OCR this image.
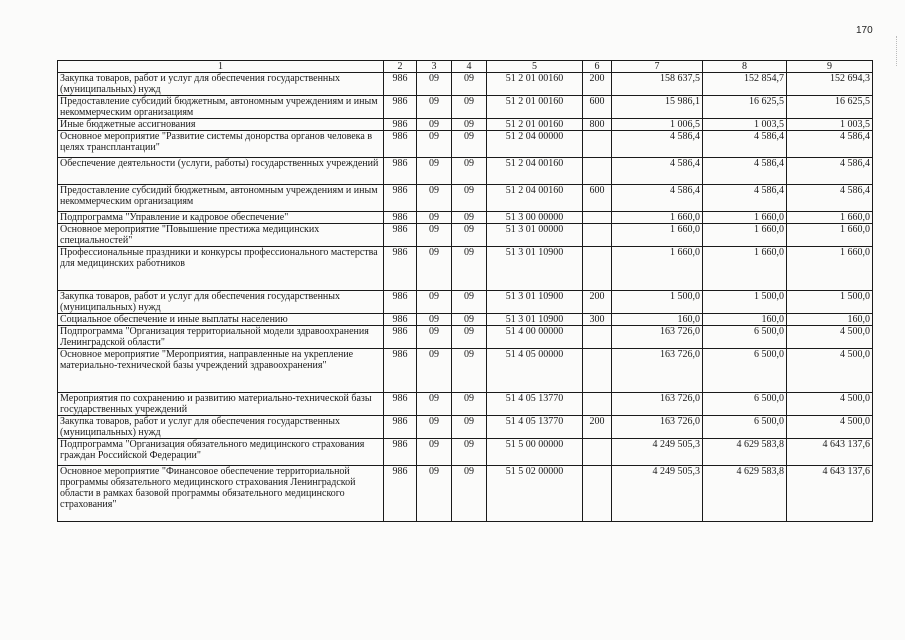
170
1	2	3	4	5	6	7	8	9
Закупка товаров, работ и услуг для обеспечения государственных (муниципальных) нужд	986	09	09	51 2 01 00160	200	158 637,5	152 854,7	152 694,3
Предоставление субсидий бюджетным, автономным учреждениям и иным некоммерческим организациям	986	09	09	51 2 01 00160	600	15 986,1	16 625,5	16 625,5
Иные бюджетные ассигнования	986	09	09	51 2 01 00160	800	1 006,5	1 003,5	1 003,5
Основное мероприятие "Развитие системы донорства органов человека в целях трансплантации"	986	09	09	51 2 04 00000		4 586,4	4 586,4	4 586,4
Обеспечение деятельности (услуги, работы) государственных учреждений	986	09	09	51 2 04 00160		4 586,4	4 586,4	4 586,4
Предоставление субсидий бюджетным, автономным учреждениям и иным некоммерческим организациям	986	09	09	51 2 04 00160	600	4 586,4	4 586,4	4 586,4
Подпрограмма "Управление и кадровое обеспечение"	986	09	09	51 3 00 00000		1 660,0	1 660,0	1 660,0
Основное мероприятие "Повышение престижа медицинских специальностей"	986	09	09	51 3 01 00000		1 660,0	1 660,0	1 660,0
Профессиональные праздники и конкурсы профессионального мастерства для медицинских работников	986	09	09	51 3 01 10900		1 660,0	1 660,0	1 660,0
Закупка товаров, работ и услуг для обеспечения государственных (муниципальных) нужд	986	09	09	51 3 01 10900	200	1 500,0	1 500,0	1 500,0
Социальное обеспечение и иные выплаты населению	986	09	09	51 3 01 10900	300	160,0	160,0	160,0
Подпрограмма "Организация территориальной модели здравоохранения Ленинградской области"	986	09	09	51 4 00 00000		163 726,0	6 500,0	4 500,0
Основное мероприятие "Мероприятия, направленные на укрепление материально-технической базы учреждений здравоохранения"	986	09	09	51 4 05 00000		163 726,0	6 500,0	4 500,0
Мероприятия по сохранению и развитию материально-технической базы государственных учреждений	986	09	09	51 4 05 13770		163 726,0	6 500,0	4 500,0
Закупка товаров, работ и услуг для обеспечения государственных (муниципальных) нужд	986	09	09	51 4 05 13770	200	163 726,0	6 500,0	4 500,0
Подпрограмма "Организация обязательного медицинского страхования граждан Российской Федерации"	986	09	09	51 5 00 00000		4 249 505,3	4 629 583,8	4 643 137,6
Основное мероприятие "Финансовое обеспечение территориальной программы обязательного медицинского страхования Ленинградской области в рамках базовой программы обязательного медицинского страхования"	986	09	09	51 5 02 00000		4 249 505,3	4 629 583,8	4 643 137,6
